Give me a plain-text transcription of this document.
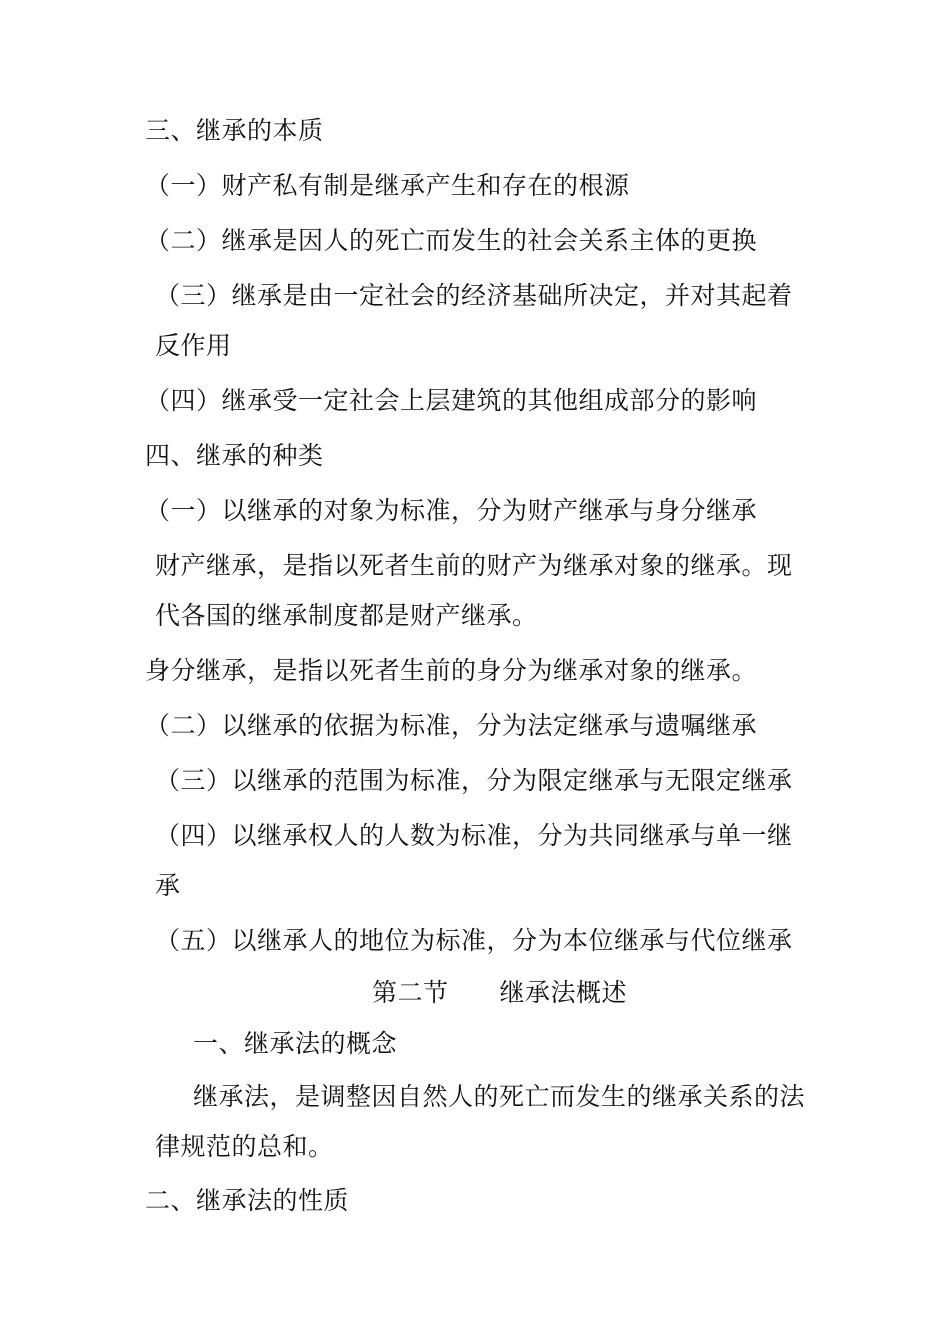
三、继承的本质
（一）财产私有制是继承产生和存在的根源
（二）继承是因人的死亡而发生的社会关系主体的更换
（三）继承是由一定社会的经济基础所决定，并对其起着
反作用
（四）继承受一定社会上层建筑的其他组成部分的影响
四、继承的种类
（一）以继承的对象为标准，分为财产继承与身分继承
财产继承，是指以死者生前的财产为继承对象的继承。现
代各国的继承制度都是财产继承。
身分继承，是指以死者生前的身分为继承对象的继承。
（二）以继承的依据为标准，分为法定继承与遗嘱继承
（三）以继承的范围为标准，分为限定继承与无限定继承
（四）以继承权人的人数为标准，分为共同继承与单一继
承
（五）以继承人的地位为标准，分为本位继承与代位继承
第二节　　继承法概述
一、继承法的概念
继承法，是调整因自然人的死亡而发生的继承关系的法
律规范的总和。
二、继承法的性质
